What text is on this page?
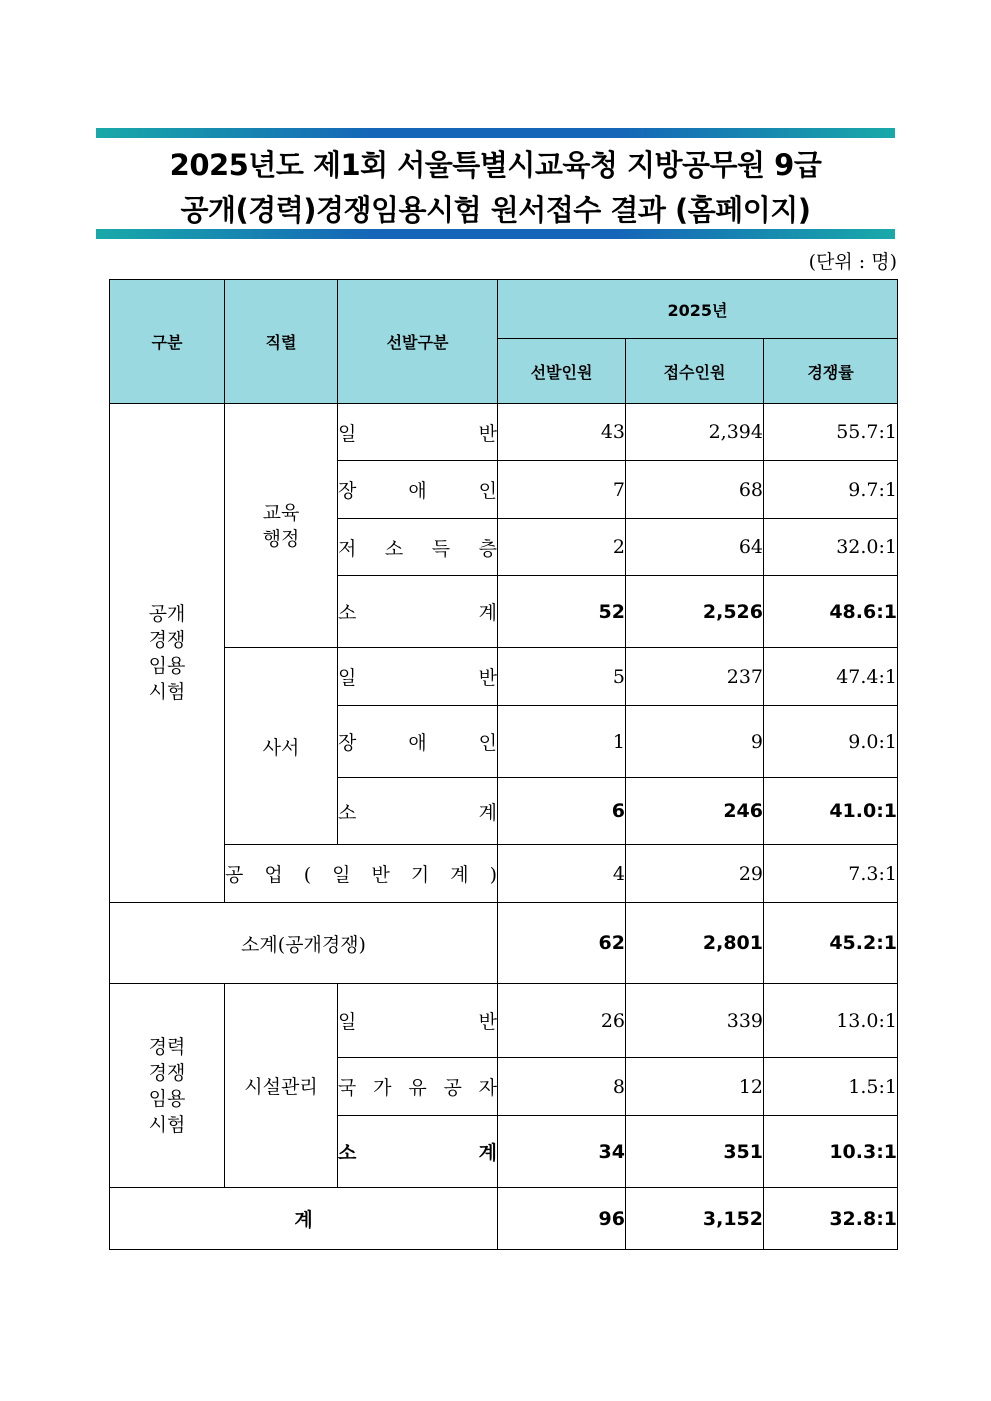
2025년도 제1회 서울특별시교육청 지방공무원 9급
공개(경력)경쟁임용시험 원서접수 결과 (홈페이지)
(단위 : 명)
구분	직렬	선발구분	2025년		
			선발인원	접수인원	경쟁률
공개 경쟁 임용 시험	교육 행정	일 반	43	2,394	55.7:1

		장 애 인	7	68	9.7:1

		저 소 득 층	2	64	32.0:1

		소 계	52	2,526	48.6:1
	사서	일 반	5	237	47.4:1

		장 애 인	1	9	9.0:1

		소 계	6	246	41.0:1

	공 업 ( 일 반 기 계 )		4	29	7.3:1
소계(공개경쟁)			62	2,801	45.2:1
경력 경쟁 임용 시험	시설관리	일 반	26	339	13.0:1

		국 가 유 공 자	8	12	1.5:1

		소 계	34	351	10.3:1
계			96	3,152	32.8:1
